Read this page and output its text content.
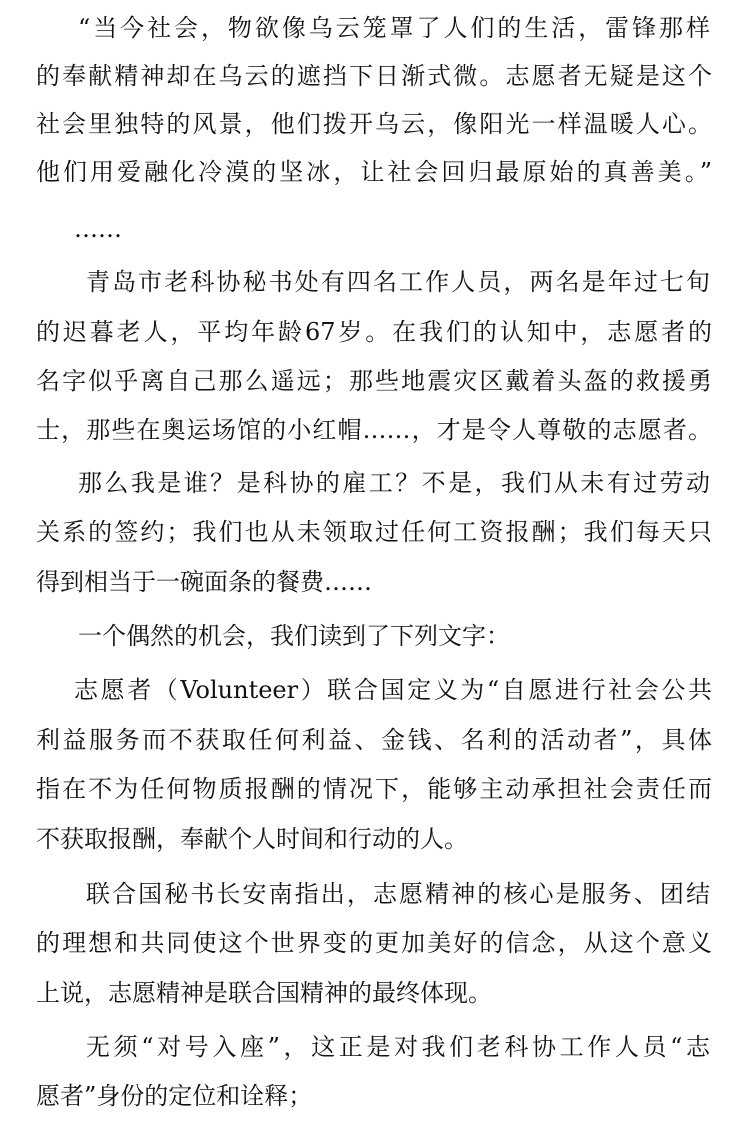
“当今社会，物欲像乌云笼罩了人们的生活，雷锋那样
的奉献精神却在乌云的遮挡下日渐式微。志愿者无疑是这个
社会里独特的风景，他们拨开乌云，像阳光一样温暖人心。
他们用爱融化冷漠的坚冰，让社会回归最原始的真善美。”
……
青岛市老科协秘书处有四名工作人员，两名是年过七旬
的迟暮老人，平均年龄67岁。在我们的认知中，志愿者的
名字似乎离自己那么遥远；那些地震灾区戴着头盔的救援勇
士，那些在奥运场馆的小红帽……，才是令人尊敬的志愿者。
那么我是谁？是科协的雇工？不是，我们从未有过劳动
关系的签约；我们也从未领取过任何工资报酬；我们每天只
得到相当于一碗面条的餐费……
一个偶然的机会，我们读到了下列文字：
志愿者（Volunteer）联合国定义为“自愿进行社会公共
利益服务而不获取任何利益、金钱、名利的活动者”，具体
指在不为任何物质报酬的情况下，能够主动承担社会责任而
不获取报酬，奉献个人时间和行动的人。
联合国秘书长安南指出，志愿精神的核心是服务、团结
的理想和共同使这个世界变的更加美好的信念，从这个意义
上说，志愿精神是联合国精神的最终体现。
无须“对号入座”，这正是对我们老科协工作人员“志
愿者”身份的定位和诠释；
